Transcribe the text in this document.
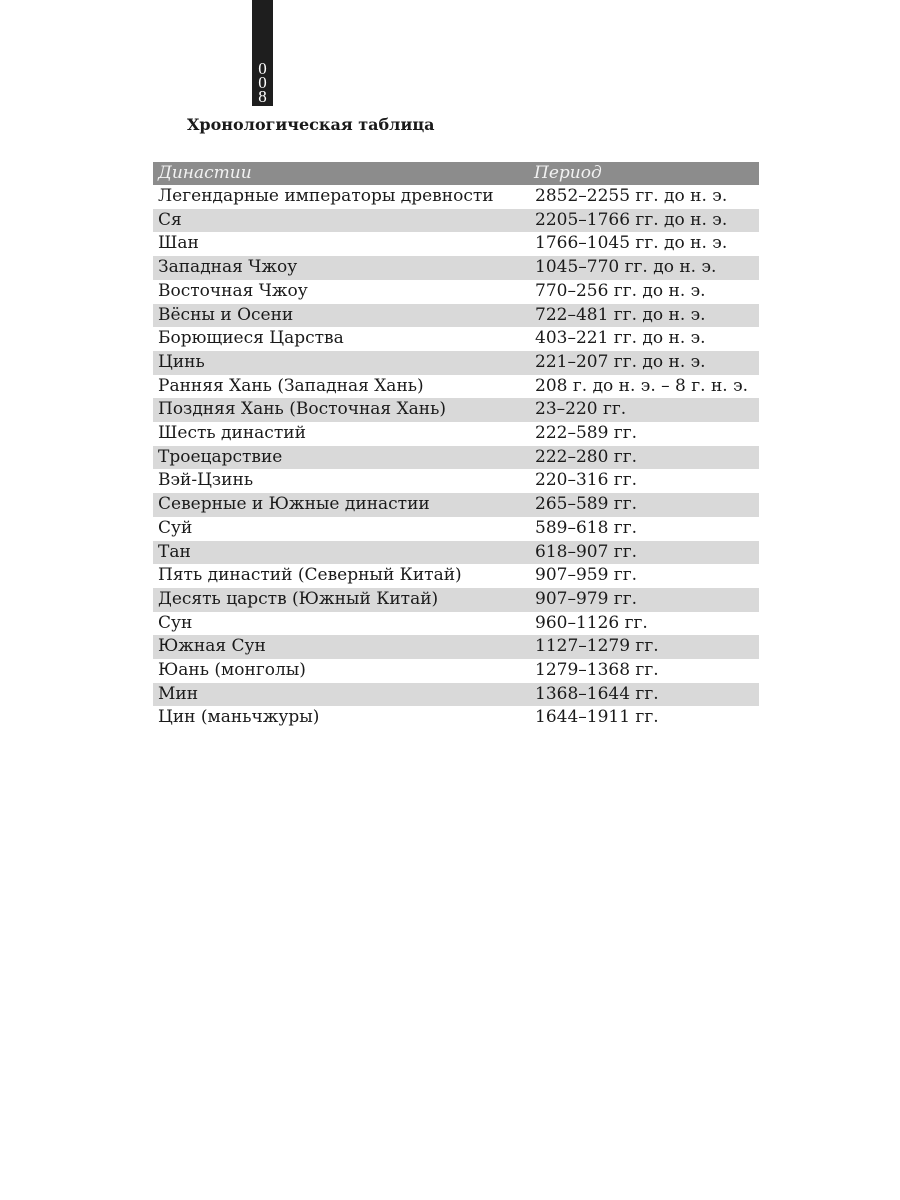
0
0
8
Хронологическая таблица
Династии	Период
Легендарные императоры древности	2852–2255 гг. до н. э.
Ся	2205–1766 гг. до н. э.
Шан	1766–1045 гг. до н. э.
Западная Чжоу	1045–770 гг. до н. э.
Восточная Чжоу	770–256 гг. до н. э.
Вёсны и Осени	722–481 гг. до н. э.
Борющиеся Царства	403–221 гг. до н. э.
Цинь	221–207 гг. до н. э.
Ранняя Хань (Западная Хань)	208 г. до н. э. – 8 г. н. э.
Поздняя Хань (Восточная Хань)	23–220 гг.
Шесть династий	222–589 гг.
Троецарствие	222–280 гг.
Вэй-Цзинь	220–316 гг.
Северные и Южные династии	265–589 гг.
Суй	589–618 гг.
Тан	618–907 гг.
Пять династий (Северный Китай)	907–959 гг.
Десять царств (Южный Китай)	907–979 гг.
Сун	960–1126 гг.
Южная Сун	1127–1279 гг.
Юань (монголы)	1279–1368 гг.
Мин	1368–1644 гг.
Цин (маньчжуры)	1644–1911 гг.
